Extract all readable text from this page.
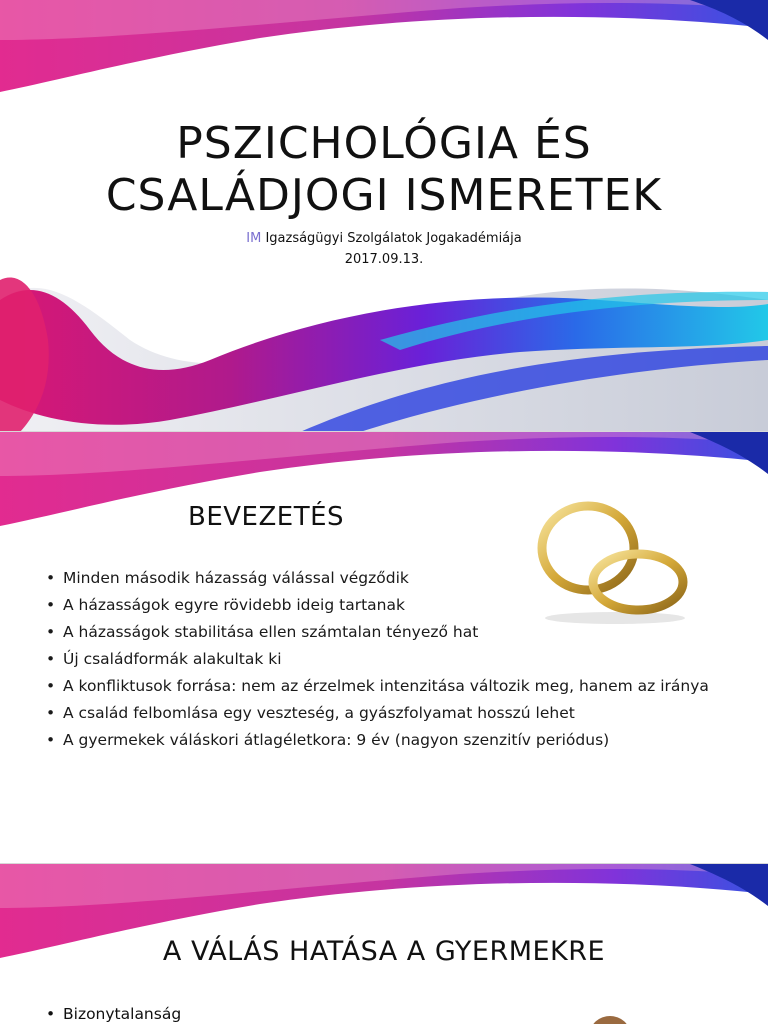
PSZICHOLÓGIA ÉS
CSALÁDJOGI ISMERETEK
IM Igazságügyi Szolgálatok Jogakadémiája
2017.09.13.
BEVEZETÉS
• Minden második házasság válással végződik
• A házasságok egyre rövidebb ideig tartanak
• A házasságok stabilitása ellen számtalan tényező hat
• Új családformák alakultak ki
• A konfliktusok forrása: nem az érzelmek intenzitása változik meg, hanem az iránya
• A család felbomlása egy veszteség, a gyászfolyamat hosszú lehet
• A gyermekek váláskori átlagéletkora: 9 év (nagyon szenzitív periódus)
A VÁLÁS HATÁSA A GYERMEKRE
• Bizonytalanság
